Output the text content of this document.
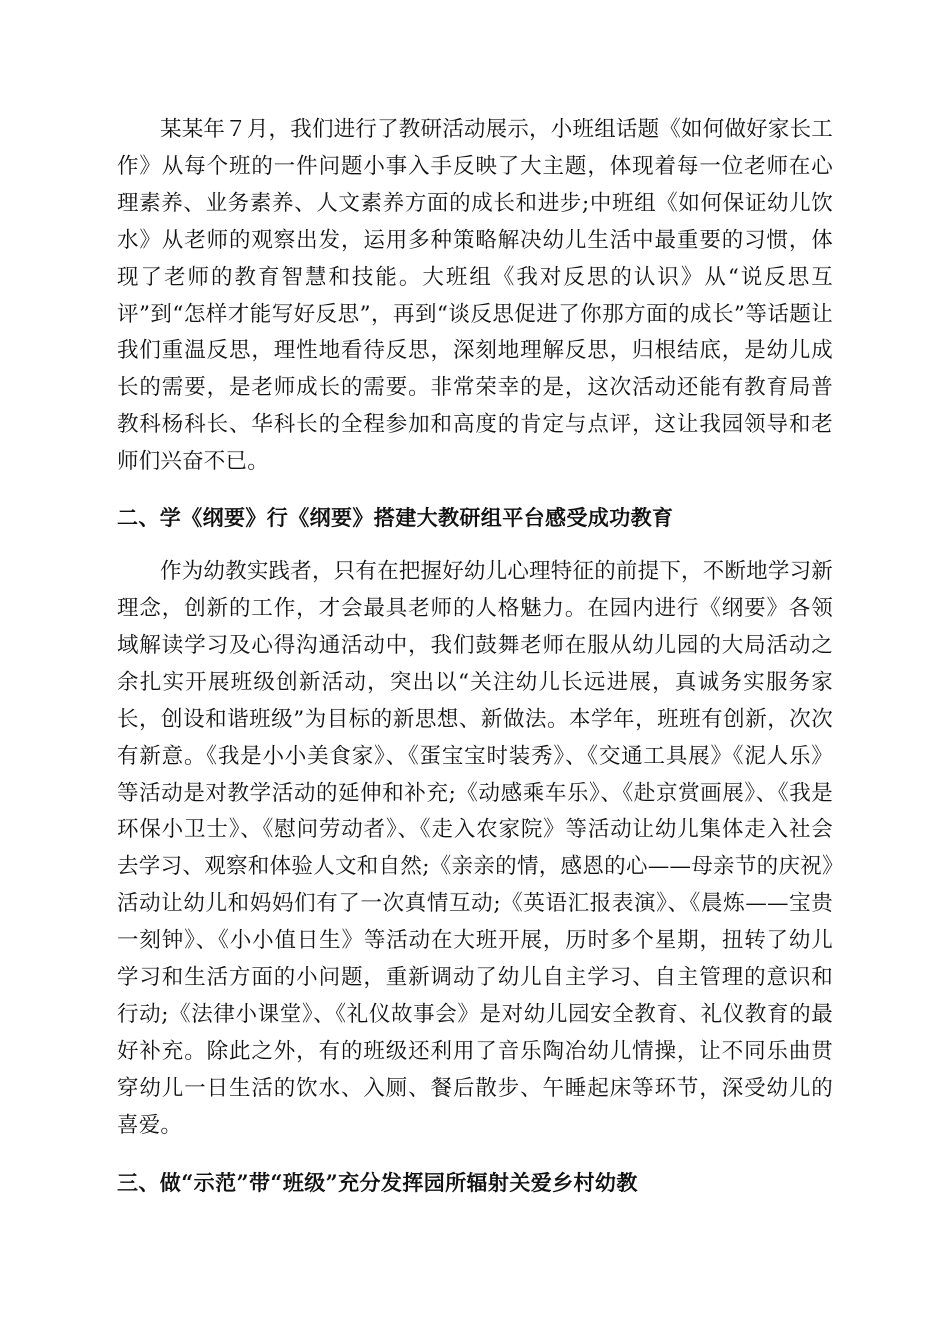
某某年７月，我们进行了教研活动展示，小班组话题《如何做好家长工作》从每个班的一件问题小事入手反映了大主题，体现着每一位老师在心理素养、业务素养、人文素养方面的成长和进步;中班组《如何保证幼儿饮水》从老师的观察出发，运用多种策略解决幼儿生活中最重要的习惯，体现了老师的教育智慧和技能。大班组《我对反思的认识》从“说反思互评”到“怎样才能写好反思”，再到“谈反思促进了你那方面的成长”等话题让我们重温反思，理性地看待反思，深刻地理解反思，归根结底，是幼儿成长的需要，是老师成长的需要。非常荣幸的是，这次活动还能有教育局普教科杨科长、华科长的全程参加和高度的肯定与点评，这让我园领导和老师们兴奋不已。

二、学《纲要》行《纲要》搭建大教研组平台感受成功教育

作为幼教实践者，只有在把握好幼儿心理特征的前提下，不断地学习新理念，创新的工作，才会最具老师的人格魅力。在园内进行《纲要》各领域解读学习及心得沟通活动中，我们鼓舞老师在服从幼儿园的大局活动之余扎实开展班级创新活动，突出以“关注幼儿长远进展，真诚务实服务家长，创设和谐班级”为目标的新思想、新做法。本学年，班班有创新，次次有新意。《我是小小美食家》、《蛋宝宝时装秀》、《交通工具展》《泥人乐》等活动是对教学活动的延伸和补充;《动感乘车乐》、《赴京赏画展》、《我是环保小卫士》、《慰问劳动者》、《走入农家院》等活动让幼儿集体走入社会去学习、观察和体验人文和自然;《亲亲的情，感恩的心——母亲节的庆祝》活动让幼儿和妈妈们有了一次真情互动;《英语汇报表演》、《晨炼——宝贵一刻钟》、《小小值日生》等活动在大班开展，历时多个星期，扭转了幼儿学习和生活方面的小问题，重新调动了幼儿自主学习、自主管理的意识和行动;《法律小课堂》、《礼仪故事会》是对幼儿园安全教育、礼仪教育的最好补充。除此之外，有的班级还利用了音乐陶冶幼儿情操，让不同乐曲贯穿幼儿一日生活的饮水、入厕、餐后散步、午睡起床等环节，深受幼儿的喜爱。

三、做“示范”带“班级”充分发挥园所辐射关爱乡村幼教
